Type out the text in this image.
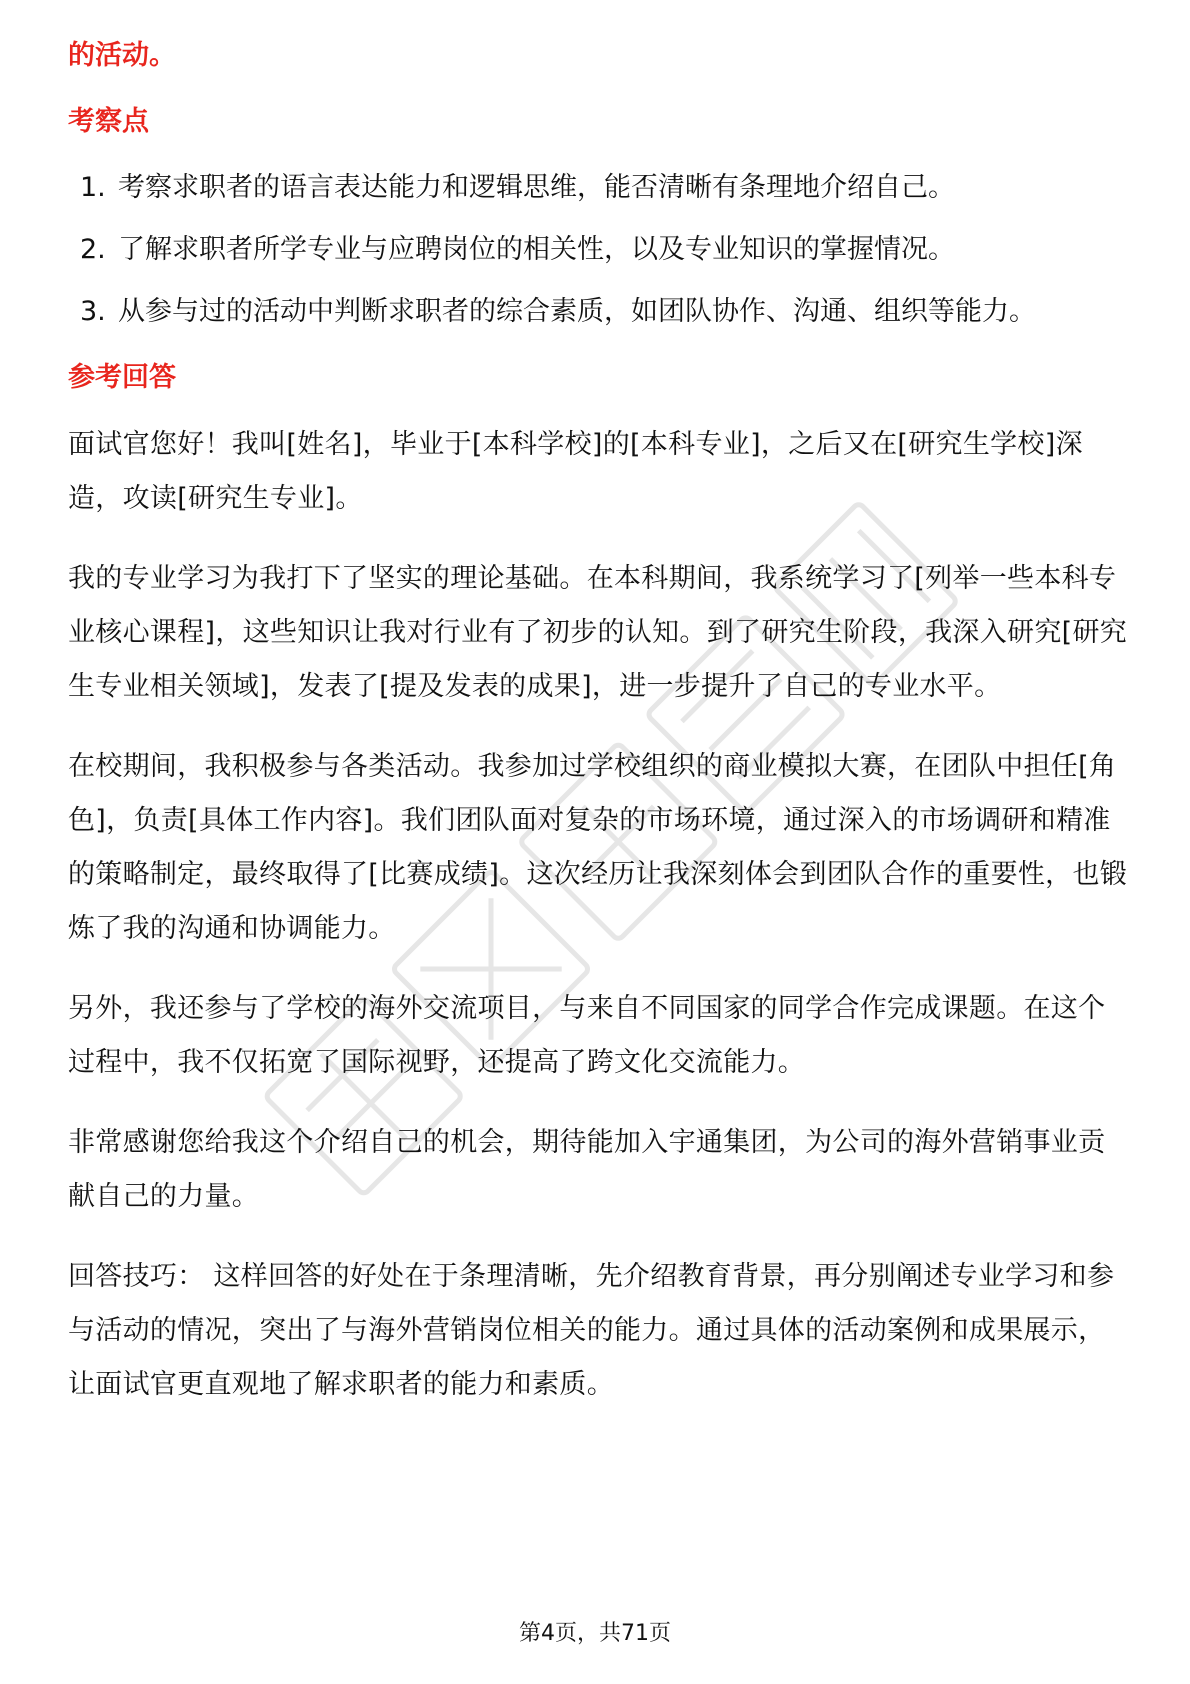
的活动。

考察点

1. 考察求职者的语言表达能力和逻辑思维，能否清晰有条理地介绍自己。
2. 了解求职者所学专业与应聘岗位的相关性，以及专业知识的掌握情况。
3. 从参与过的活动中判断求职者的综合素质，如团队协作、沟通、组织等能力。

参考回答

面试官您好！我叫[姓名]，毕业于[本科学校]的[本科专业]，之后又在[研究生学校]深造，攻读[研究生专业]。

我的专业学习为我打下了坚实的理论基础。在本科期间，我系统学习了[列举一些本科专业核心课程]，这些知识让我对行业有了初步的认知。到了研究生阶段，我深入研究[研究生专业相关领域]，发表了[提及发表的成果]，进一步提升了自己的专业水平。

在校期间，我积极参与各类活动。我参加过学校组织的商业模拟大赛，在团队中担任[角色]，负责[具体工作内容]。我们团队面对复杂的市场环境，通过深入的市场调研和精准的策略制定，最终取得了[比赛成绩]。这次经历让我深刻体会到团队合作的重要性，也锻炼了我的沟通和协调能力。

另外，我还参与了学校的海外交流项目，与来自不同国家的同学合作完成课题。在这个过程中，我不仅拓宽了国际视野，还提高了跨文化交流能力。

非常感谢您给我这个介绍自己的机会，期待能加入宇通集团，为公司的海外营销事业贡献自己的力量。

回答技巧： 这样回答的好处在于条理清晰，先介绍教育背景，再分别阐述专业学习和参与活动的情况，突出了与海外营销岗位相关的能力。通过具体的活动案例和成果展示，让面试官更直观地了解求职者的能力和素质。

第4页，共71页
